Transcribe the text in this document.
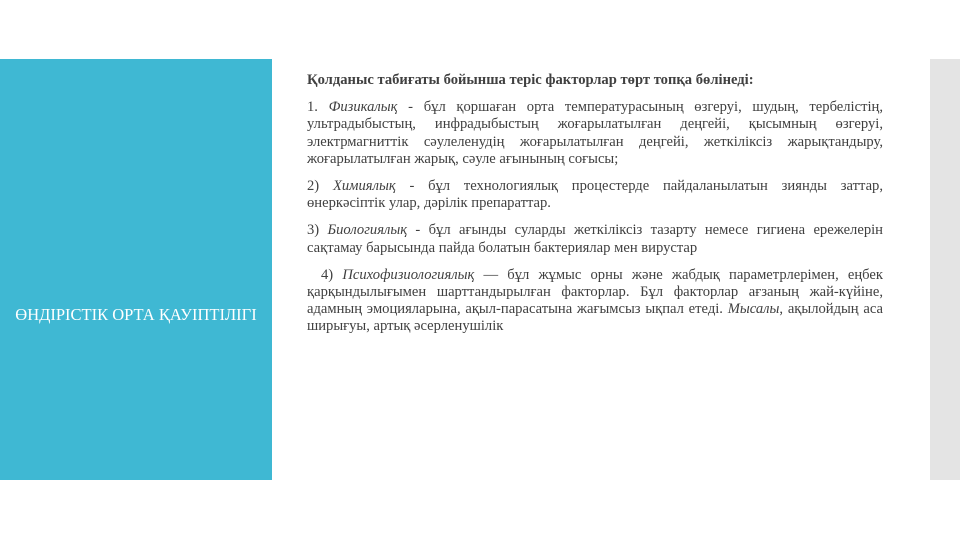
ӨНДІРІСТІК ОРТА ҚАУІПТІЛІГІ

Қолданыс табиғаты бойынша теріс факторлар төрт топқа бөлінеді:

1. Физикалық - бұл қоршаған орта температурасының өзгеруі, шудың, тербелістің, ультрадыбыстың, инфрадыбыстың жоғарылатылған деңгейі, қысымның өзгеруі, электрмагниттік сәулеленудің жоғарылатылған деңгейі, жеткіліксіз жарықтандыру, жоғарылатылған жарық, сәуле ағынының соғысы;

2) Химиялық - бұл технологиялық процестерде пайдаланылатын зиянды заттар, өнеркәсіптік улар, дәрілік препараттар.

3) Биологиялық - бұл ағынды суларды жеткіліксіз тазарту немесе гигиена ережелерін сақтамау барысында пайда болатын бактериялар мен вирустар

4) Психофизиологиялық — бұл жұмыс орны және жабдық параметрлерімен, еңбек қарқындылығымен шарттандырылған факторлар. Бұл факторлар ағзаның жай-күйіне, адамның эмоцияларына, ақыл-парасатына жағымсыз ықпал етеді. Мысалы, ақылойдың аса ширығуы, артық әсерленушілік
